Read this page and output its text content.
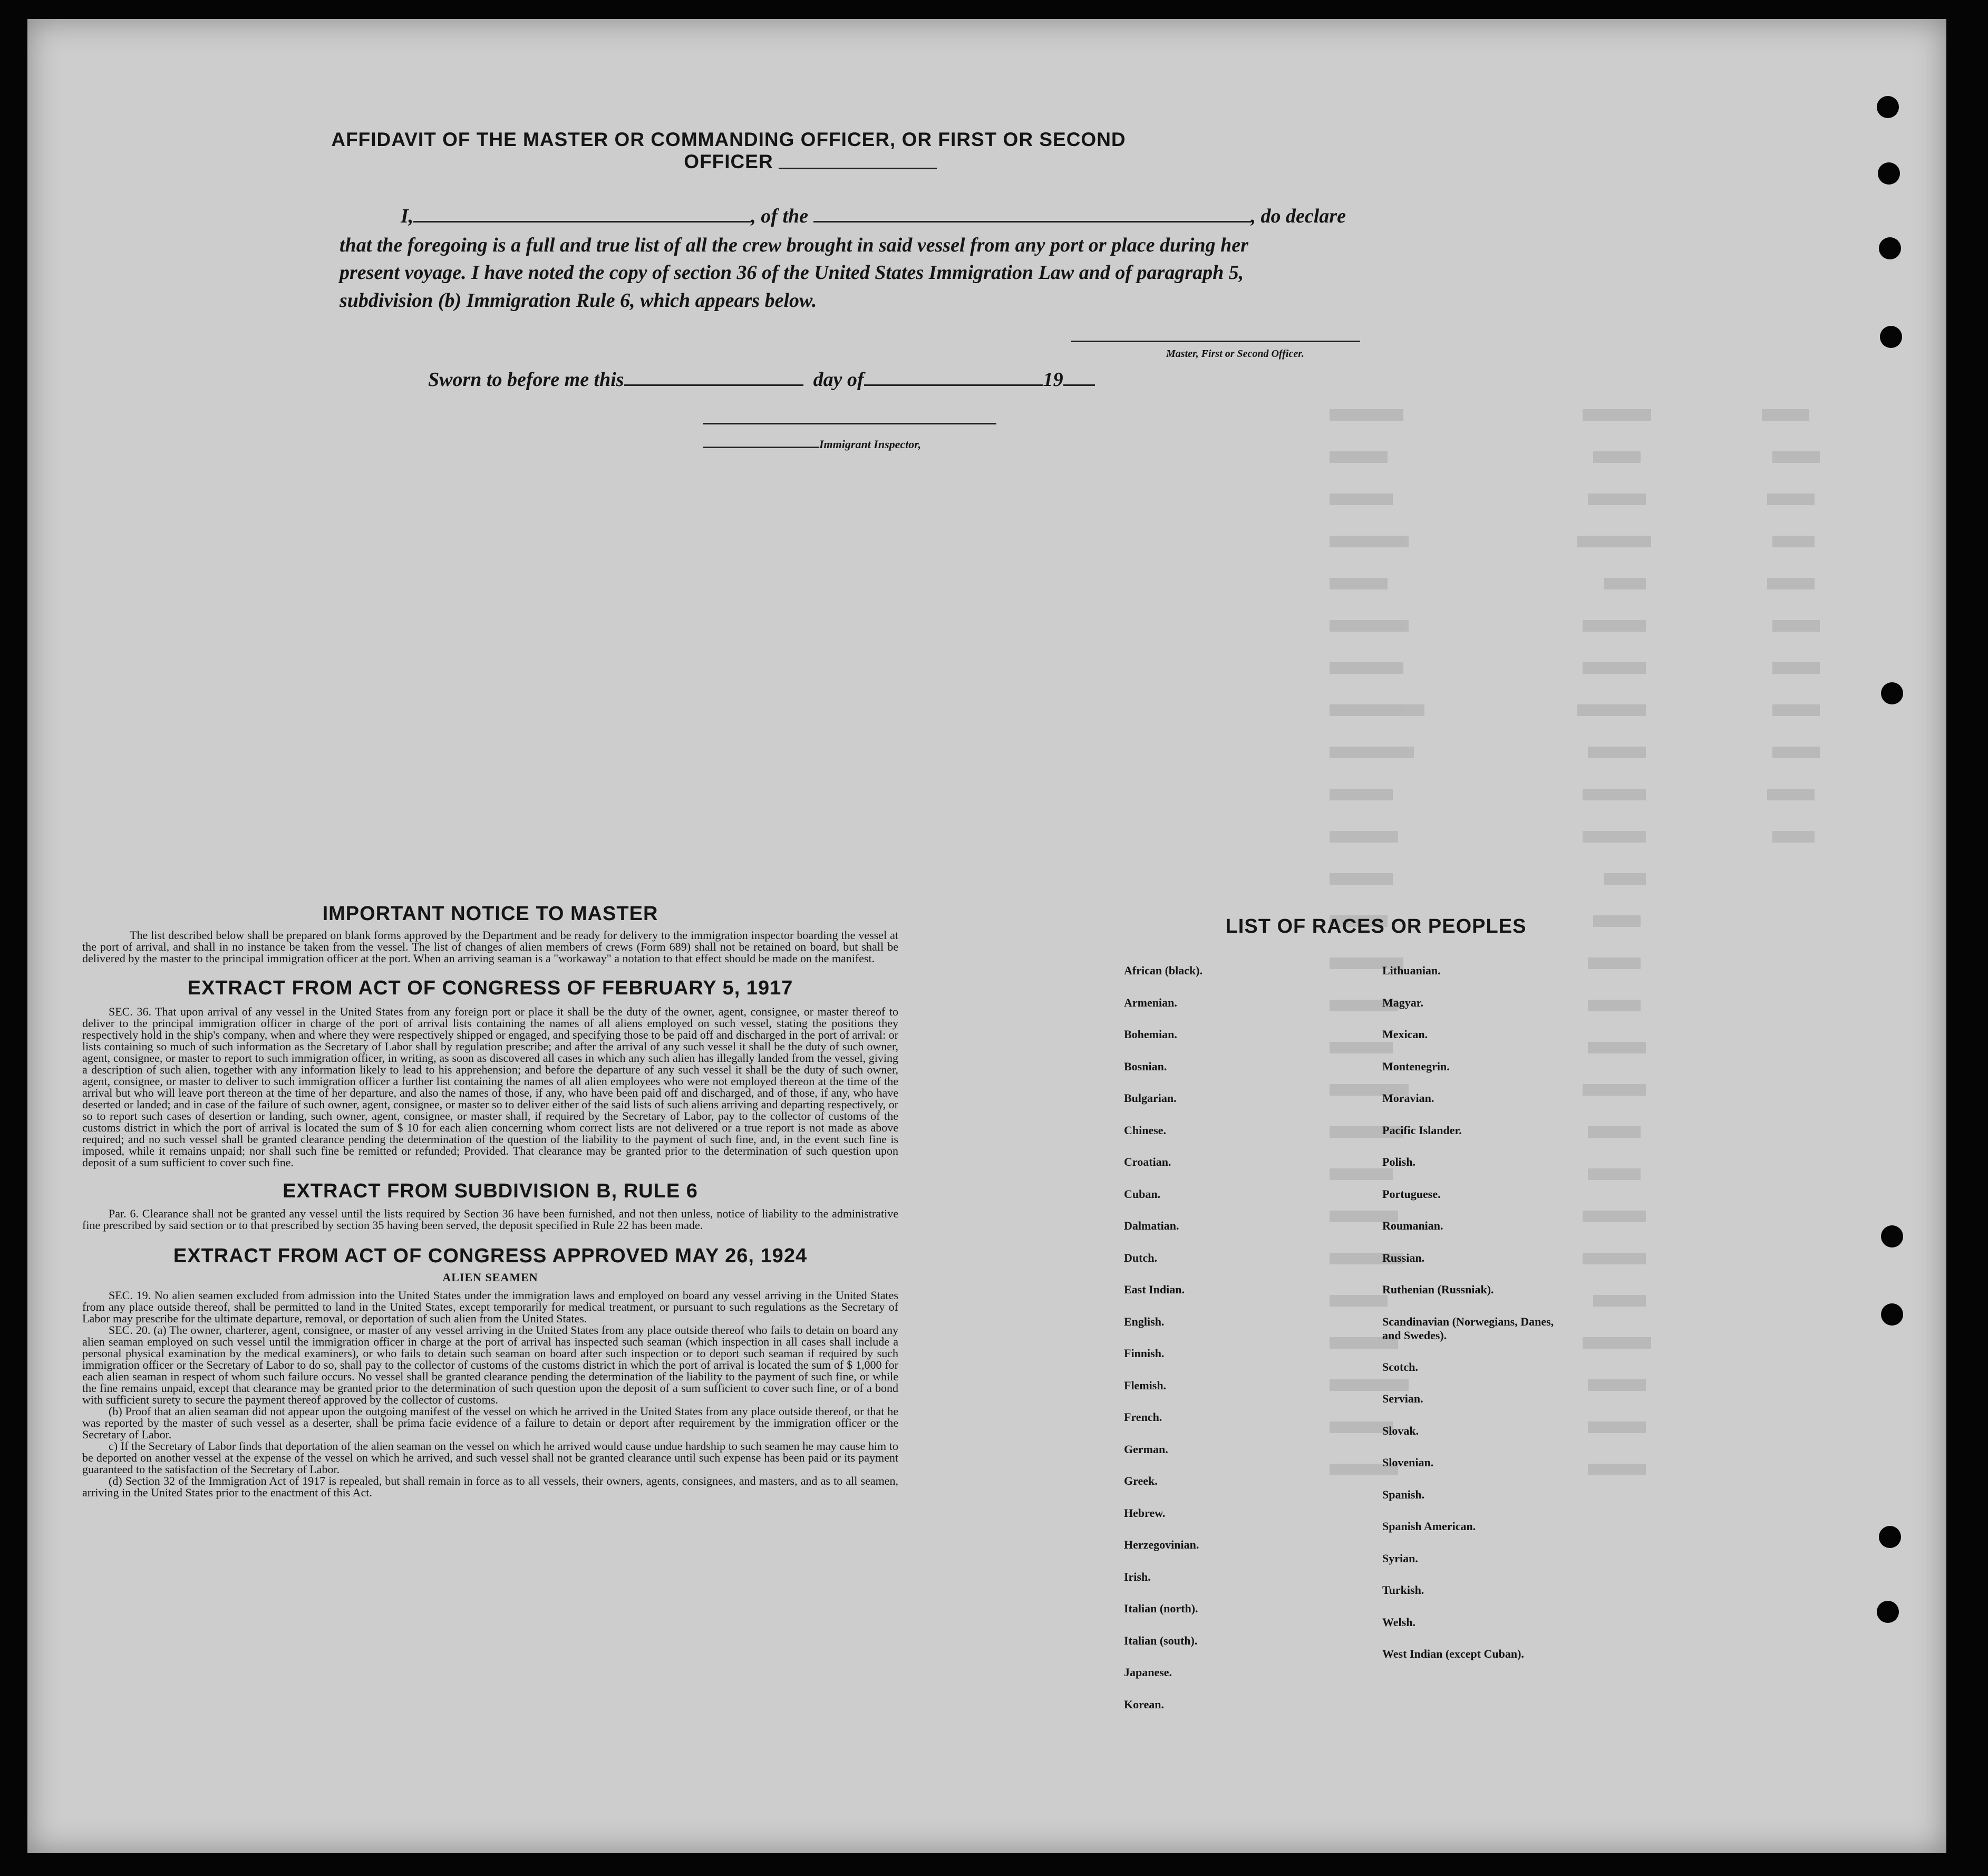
AFFIDAVIT OF THE MASTER OR COMMANDING OFFICER, OR FIRST OR SECOND OFFICER
I,	, of the	, do declare
that the foregoing is a full and true list of all the crew brought in said vessel from any port or place during her
present voyage. I have noted the copy of section 36 of the United States Immigration Law and of paragraph 5,
subdivision (b) Immigration Rule 6, which appears below.
Master, First or Second Officer.
Sworn to before me this	day of	19
Immigrant Inspector,
IMPORTANT NOTICE TO MASTER
The list described below shall be prepared on blank forms approved by the Department and be ready for delivery to the immigration inspector boarding the vessel at the port of arrival, and shall in no instance be taken from the vessel. The list of changes of alien members of crews (Form 689) shall not be retained on board, but shall be delivered by the master to the principal immigration officer at the port. When an arriving seaman is a "workaway" a notation to that effect should be made on the manifest.
EXTRACT FROM ACT OF CONGRESS OF FEBRUARY 5, 1917
SEC. 36. That upon arrival of any vessel in the United States from any foreign port or place it shall be the duty of the owner, agent, consignee, or master thereof to deliver to the principal immigration officer in charge of the port of arrival lists containing the names of all aliens employed on such vessel, stating the positions they respectively hold in the ship's company, when and where they were respectively shipped or engaged, and specifying those to be paid off and discharged in the port of arrival: or lists containing so much of such information as the Secretary of Labor shall by regulation prescribe; and after the arrival of any such vessel it shall be the duty of such owner, agent, consignee, or master to report to such immigration officer, in writing, as soon as discovered all cases in which any such alien has illegally landed from the vessel, giving a description of such alien, together with any information likely to lead to his apprehension; and before the departure of any such vessel it shall be the duty of such owner, agent, consignee, or master to deliver to such immigration officer a further list containing the names of all alien employees who were not employed thereon at the time of the arrival but who will leave port thereon at the time of her departure, and also the names of those, if any, who have been paid off and discharged, and of those, if any, who have deserted or landed; and in case of the failure of such owner, agent, consignee, or master so to deliver either of the said lists of such aliens arriving and departing respectively, or so to report such cases of desertion or landing, such owner, agent, consignee, or master shall, if required by the Secretary of Labor, pay to the collector of customs of the customs district in which the port of arrival is located the sum of $ 10 for each alien concerning whom correct lists are not delivered or a true report is not made as above required; and no such vessel shall be granted clearance pending the determination of the question of the liability to the payment of such fine, and, in the event such fine is imposed, while it remains unpaid; nor shall such fine be remitted or refunded; Provided. That clearance may be granted prior to the determination of such question upon deposit of a sum sufficient to cover such fine.
EXTRACT FROM SUBDIVISION B, RULE 6
Par. 6. Clearance shall not be granted any vessel until the lists required by Section 36 have been furnished, and not then unless, notice of liability to the administrative fine prescribed by said section or to that prescribed by section 35 having been served, the deposit specified in Rule 22 has been made.
EXTRACT FROM ACT OF CONGRESS APPROVED MAY 26, 1924
ALIEN SEAMEN
SEC. 19. No alien seamen excluded from admission into the United States under the immigration laws and employed on board any vessel arriving in the United States from any place outside thereof, shall be permitted to land in the United States, except temporarily for medical treatment, or pursuant to such regulations as the Secretary of Labor may prescribe for the ultimate departure, removal, or deportation of such alien from the United States.
SEC. 20. (a) The owner, charterer, agent, consignee, or master of any vessel arriving in the United States from any place outside thereof who fails to detain on board any alien seaman employed on such vessel until the immigration officer in charge at the port of arrival has inspected such seaman (which inspection in all cases shall include a personal physical examination by the medical examiners), or who fails to detain such seaman on board after such inspection or to deport such seaman if required by such immigration officer or the Secretary of Labor to do so, shall pay to the collector of customs of the customs district in which the port of arrival is located the sum of $ 1,000 for each alien seaman in respect of whom such failure occurs. No vessel shall be granted clearance pending the determination of the liability to the payment of such fine, or while the fine remains unpaid, except that clearance may be granted prior to the determination of such question upon the deposit of a sum sufficient to cover such fine, or of a bond with sufficient surety to secure the payment thereof approved by the collector of customs.
(b) Proof that an alien seaman did not appear upon the outgoing manifest of the vessel on which he arrived in the United States from any place outside thereof, or that he was reported by the master of such vessel as a deserter, shall be prima facie evidence of a failure to detain or deport after requirement by the immigration officer or the Secretary of Labor.
c) If the Secretary of Labor finds that deportation of the alien seaman on the vessel on which he arrived would cause undue hardship to such seamen he may cause him to be deported on another vessel at the expense of the vessel on which he arrived, and such vessel shall not be granted clearance until such expense has been paid or its payment guaranteed to the satisfaction of the Secretary of Labor.
(d) Section 32 of the Immigration Act of 1917 is repealed, but shall remain in force as to all vessels, their owners, agents, consignees, and masters, and as to all seamen, arriving in the United States prior to the enactment of this Act.
LIST OF RACES OR PEOPLES
African (black).
Armenian.
Bohemian.
Bosnian.
Bulgarian.
Chinese.
Croatian.
Cuban.
Dalmatian.
Dutch.
East Indian.
English.
Finnish.
Flemish.
French.
German.
Greek.
Hebrew.
Herzegovinian.
Irish.
Italian (north).
Italian (south).
Japanese.
Korean.
Lithuanian.
Magyar.
Mexican.
Montenegrin.
Moravian.
Pacific Islander.
Polish.
Portuguese.
Roumanian.
Russian.
Ruthenian (Russniak).
Scandinavian (Norwegians, Danes, and Swedes).
Scotch.
Servian.
Slovak.
Slovenian.
Spanish.
Spanish American.
Syrian.
Turkish.
Welsh.
West Indian (except Cuban).
